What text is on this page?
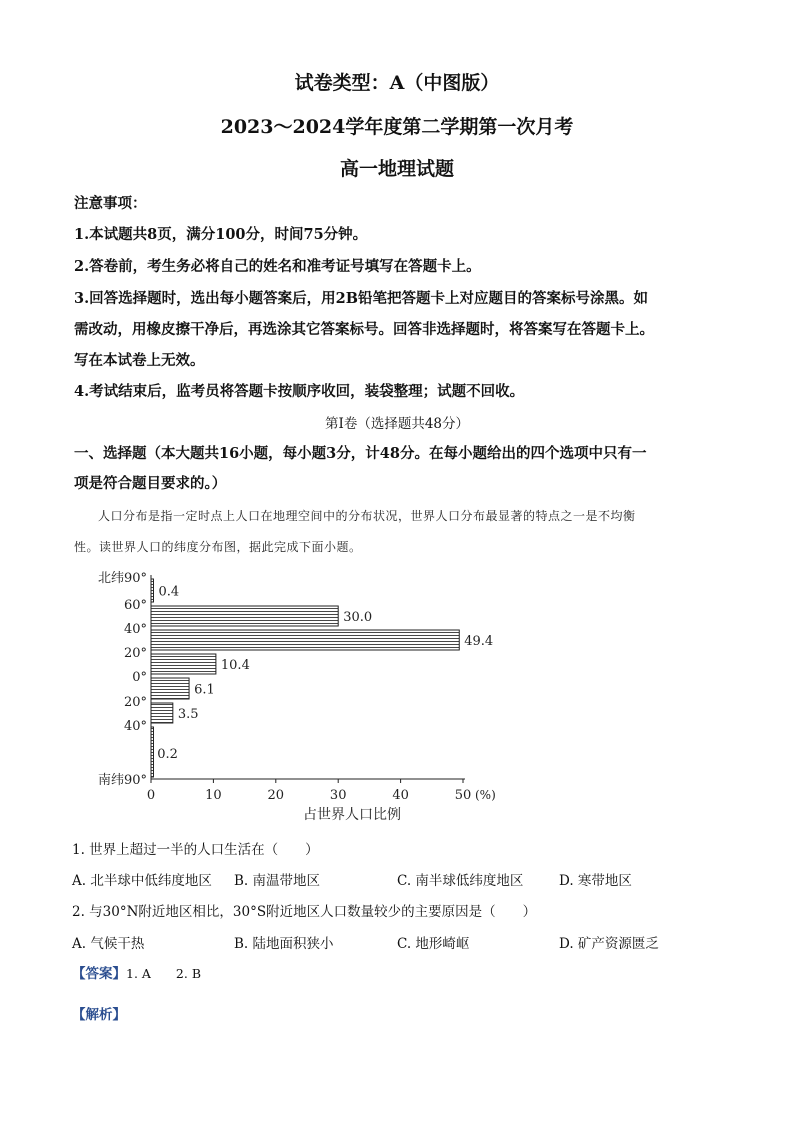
试卷类型：A（中图版）
2023～2024学年度第二学期第一次月考
高一地理试题
注意事项：
1.本试题共8页，满分100分，时间75分钟。
2.答卷前，考生务必将自己的姓名和准考证号填写在答题卡上。
3.回答选择题时，选出每小题答案后，用2B铅笔把答题卡上对应题目的答案标号涂黑。如
需改动，用橡皮擦干净后，再选涂其它答案标号。回答非选择题时，将答案写在答题卡上。
写在本试卷上无效。
4.考试结束后，监考员将答题卡按顺序收回，装袋整理；试题不回收。
第Ⅰ卷（选择题共48分）
一、选择题（本大题共16小题，每小题3分，计48分。在每小题给出的四个选项中只有一
项是符合题目要求的。）
人口分布是指一定时点上人口在地理空间中的分布状况，世界人口分布最显著的特点之一是不均衡
性。读世界人口的纬度分布图，据此完成下面小题。
0.4
30.0
49.4
10.4
6.1
3.5
0.2
北纬90°
60°
40°
20°
0°
20°
40°
南纬90°
0	10	20	30	40	50 (%)
占世界人口比例
1. 世界上超过一半的人口生活在（　　）
A. 北半球中低纬度地区 B. 南温带地区	C. 南半球低纬度地区	D. 寒带地区
2. 与30°N附近地区相比，30°S附近地区人口数量较少的主要原因是（　　）
A. 气候干热	B. 陆地面积狭小	C. 地形崎岖	D. 矿产资源匮乏
【答案】1. A　　2. B
【解析】
